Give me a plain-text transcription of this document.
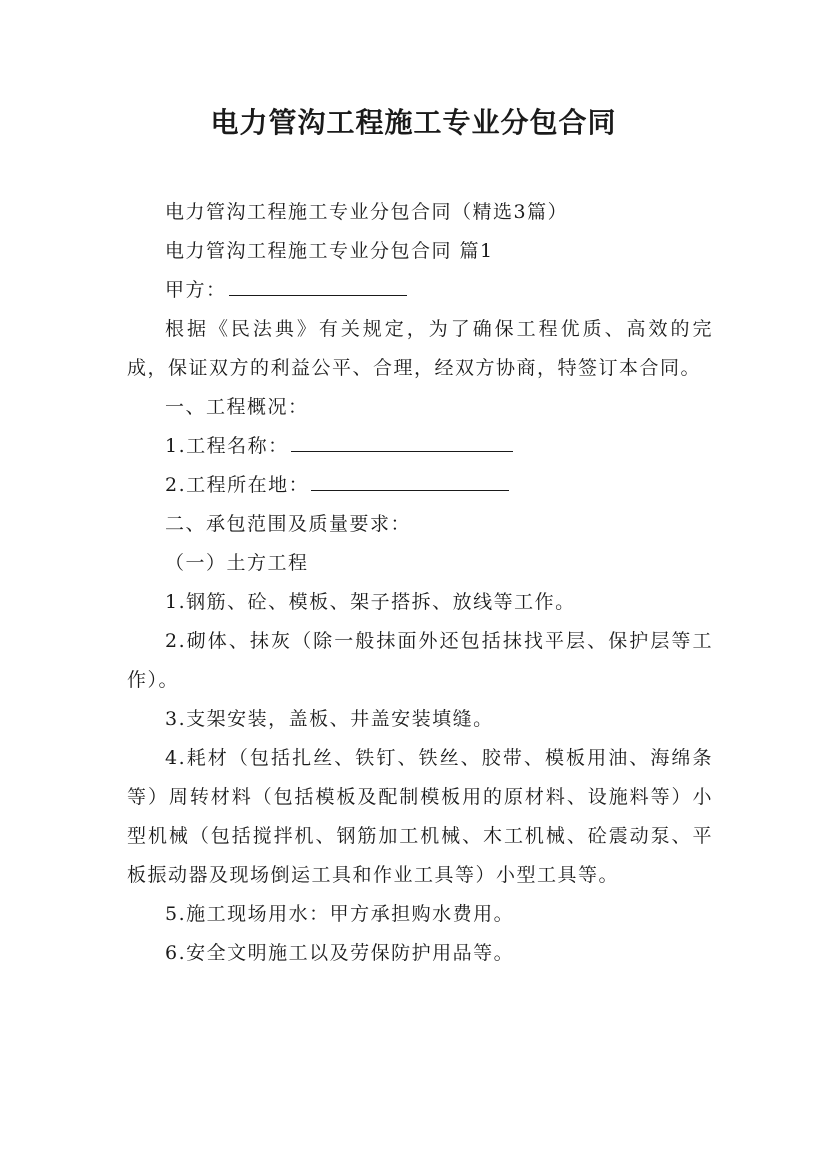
电力管沟工程施工专业分包合同

电力管沟工程施工专业分包合同（精选3篇）

电力管沟工程施工专业分包合同 篇1

甲方：

根据《民法典》有关规定，为了确保工程优质、高效的完成，保证双方的利益公平、合理，经双方协商，特签订本合同。

一、工程概况：

1.工程名称：

2.工程所在地：

二、承包范围及质量要求：

（一）土方工程

1.钢筋、砼、模板、架子搭拆、放线等工作。

2.砌体、抹灰（除一般抹面外还包括抹找平层、保护层等工作）。

3.支架安装，盖板、井盖安装填缝。

4.耗材（包括扎丝、铁钉、铁丝、胶带、模板用油、海绵条等）周转材料（包括模板及配制模板用的原材料、设施料等）小型机械（包括搅拌机、钢筋加工机械、木工机械、砼震动泵、平板振动器及现场倒运工具和作业工具等）小型工具等。

5.施工现场用水：甲方承担购水费用。

6.安全文明施工以及劳保防护用品等。
